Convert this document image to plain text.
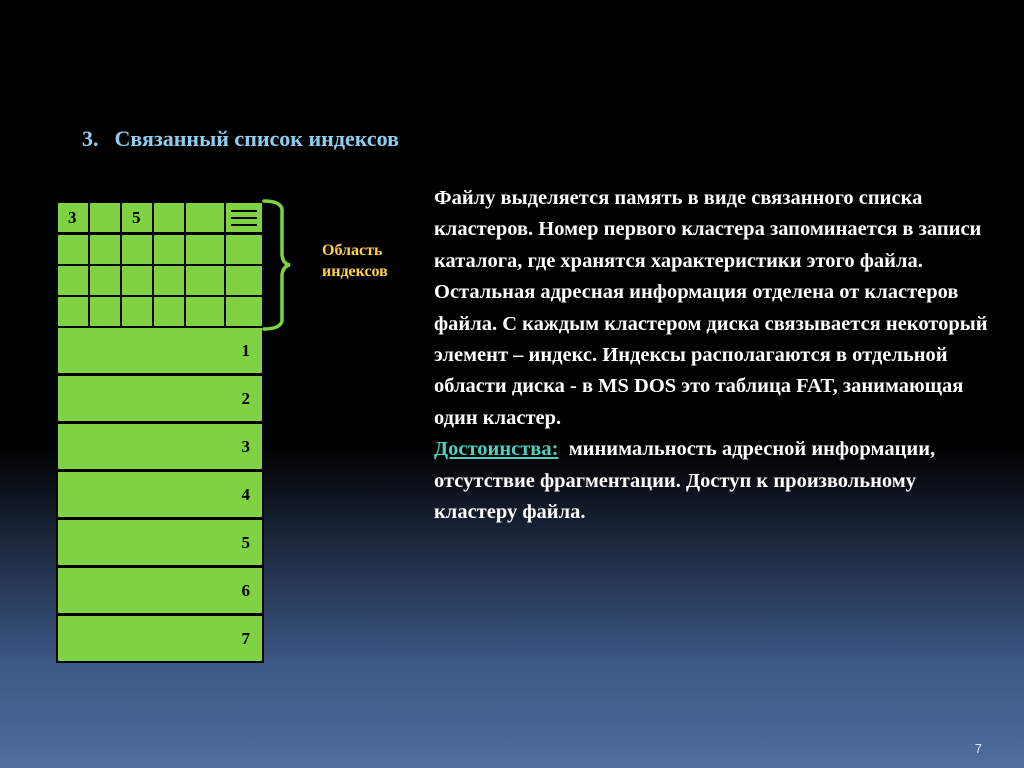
3. Связанный список индексов
3	5
1
2
3
4
5
6
7
Область
индексов

Файлу выделяется память в виде связанного списка кластеров. Номер первого кластера запоминается в записи каталога, где хранятся характеристики этого файла. Остальная адресная информация отделена от кластеров файла. С каждым кластером диска связывается некоторый элемент – индекс. Индексы располагаются в отдельной области диска - в MS DOS это таблица FAT, занимающая один кластер.

Достоинства:  минимальность адресной информации, отсутствие фрагментации. Доступ к произвольному кластеру файла.

7
